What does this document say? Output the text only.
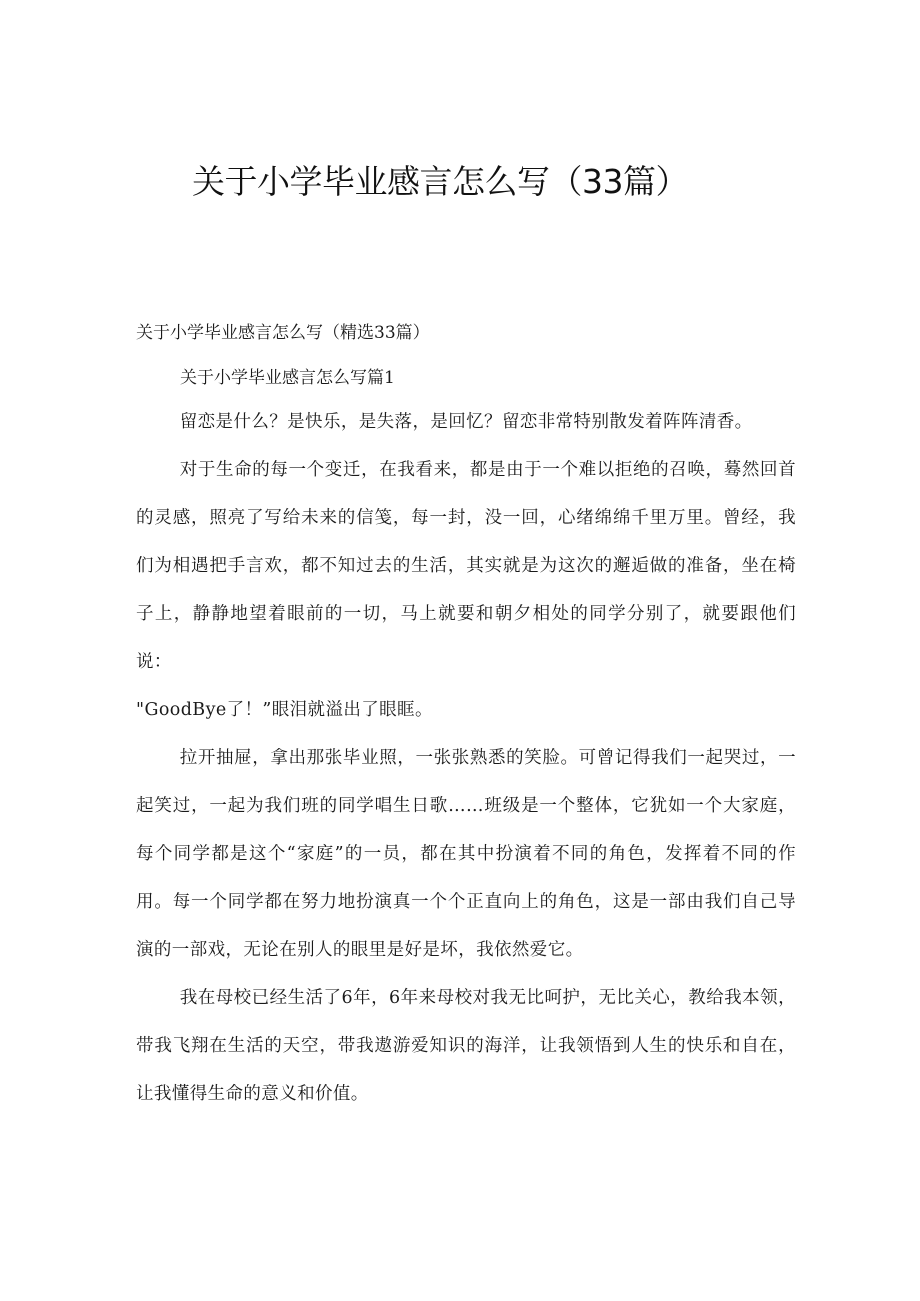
关于小学毕业感言怎么写（33篇）
关于小学毕业感言怎么写（精选33篇）
关于小学毕业感言怎么写篇1

留恋是什么？是快乐，是失落，是回忆？留恋非常特别散发着阵阵清香。

对于生命的每一个变迁，在我看来，都是由于一个难以拒绝的召唤，蓦然回首的灵感，照亮了写给未来的信笺，每一封，没一回，心绪绵绵千里万里。曾经，我们为相遇把手言欢，都不知过去的生活，其实就是为这次的邂逅做的准备，坐在椅子上，静静地望着眼前的一切，马上就要和朝夕相处的同学分别了，就要跟他们说：

"GoodBye了！”眼泪就溢出了眼眶。

拉开抽屉，拿出那张毕业照，一张张熟悉的笑脸。可曾记得我们一起哭过，一起笑过，一起为我们班的同学唱生日歌……班级是一个整体，它犹如一个大家庭，每个同学都是这个“家庭”的一员，都在其中扮演着不同的角色，发挥着不同的作用。每一个同学都在努力地扮演真一个个正直向上的角色，这是一部由我们自己导演的一部戏，无论在别人的眼里是好是坏，我依然爱它。

我在母校已经生活了6年，6年来母校对我无比呵护，无比关心，教给我本领，带我飞翔在生活的天空，带我遨游爱知识的海洋，让我领悟到人生的快乐和自在，让我懂得生命的意义和价值。
